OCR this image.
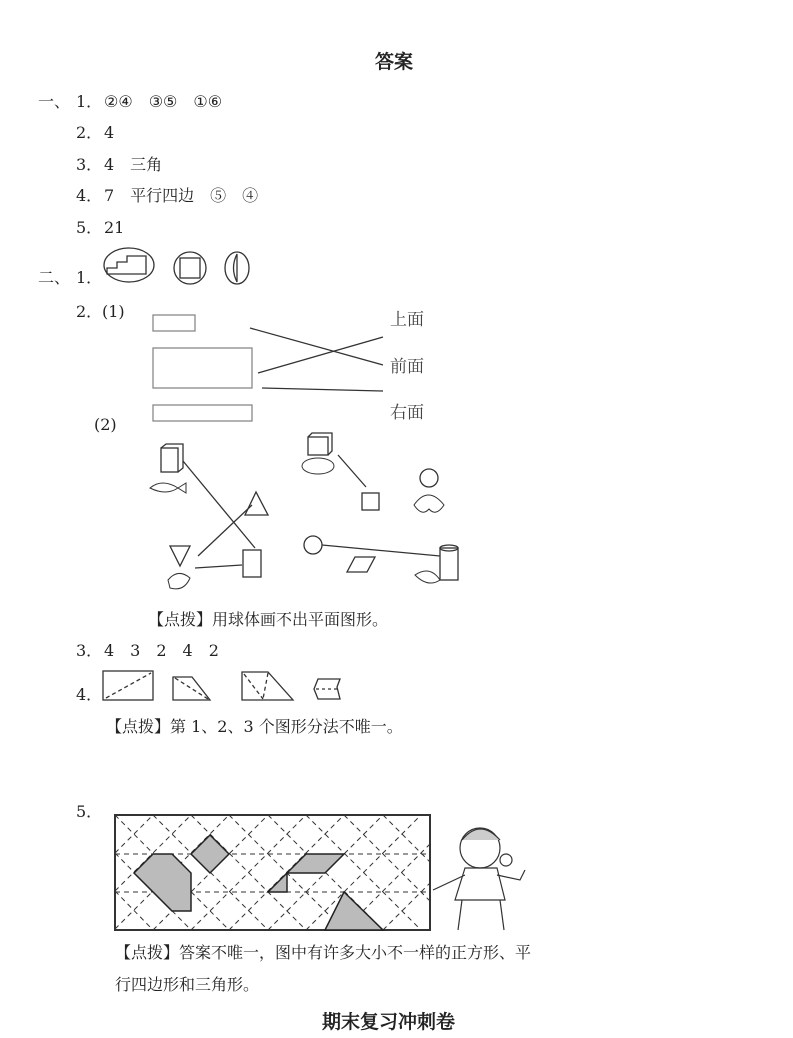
答案
一、 1． ②④　③⑤　①⑥
2． 4
3． 4　三角
4． 7　平行四边　⑤　④
5． 21
二、 1．
2． (1)	上面
前面
右面
(2)
【点拨】用球体画不出平面图形。
3． 4　3　2　4　2
4．
【点拨】第 1、2、3 个图形分法不唯一。
5．
【点拨】答案不唯一，图中有许多大小不一样的正方形、平
行四边形和三角形。
期末复习冲刺卷
